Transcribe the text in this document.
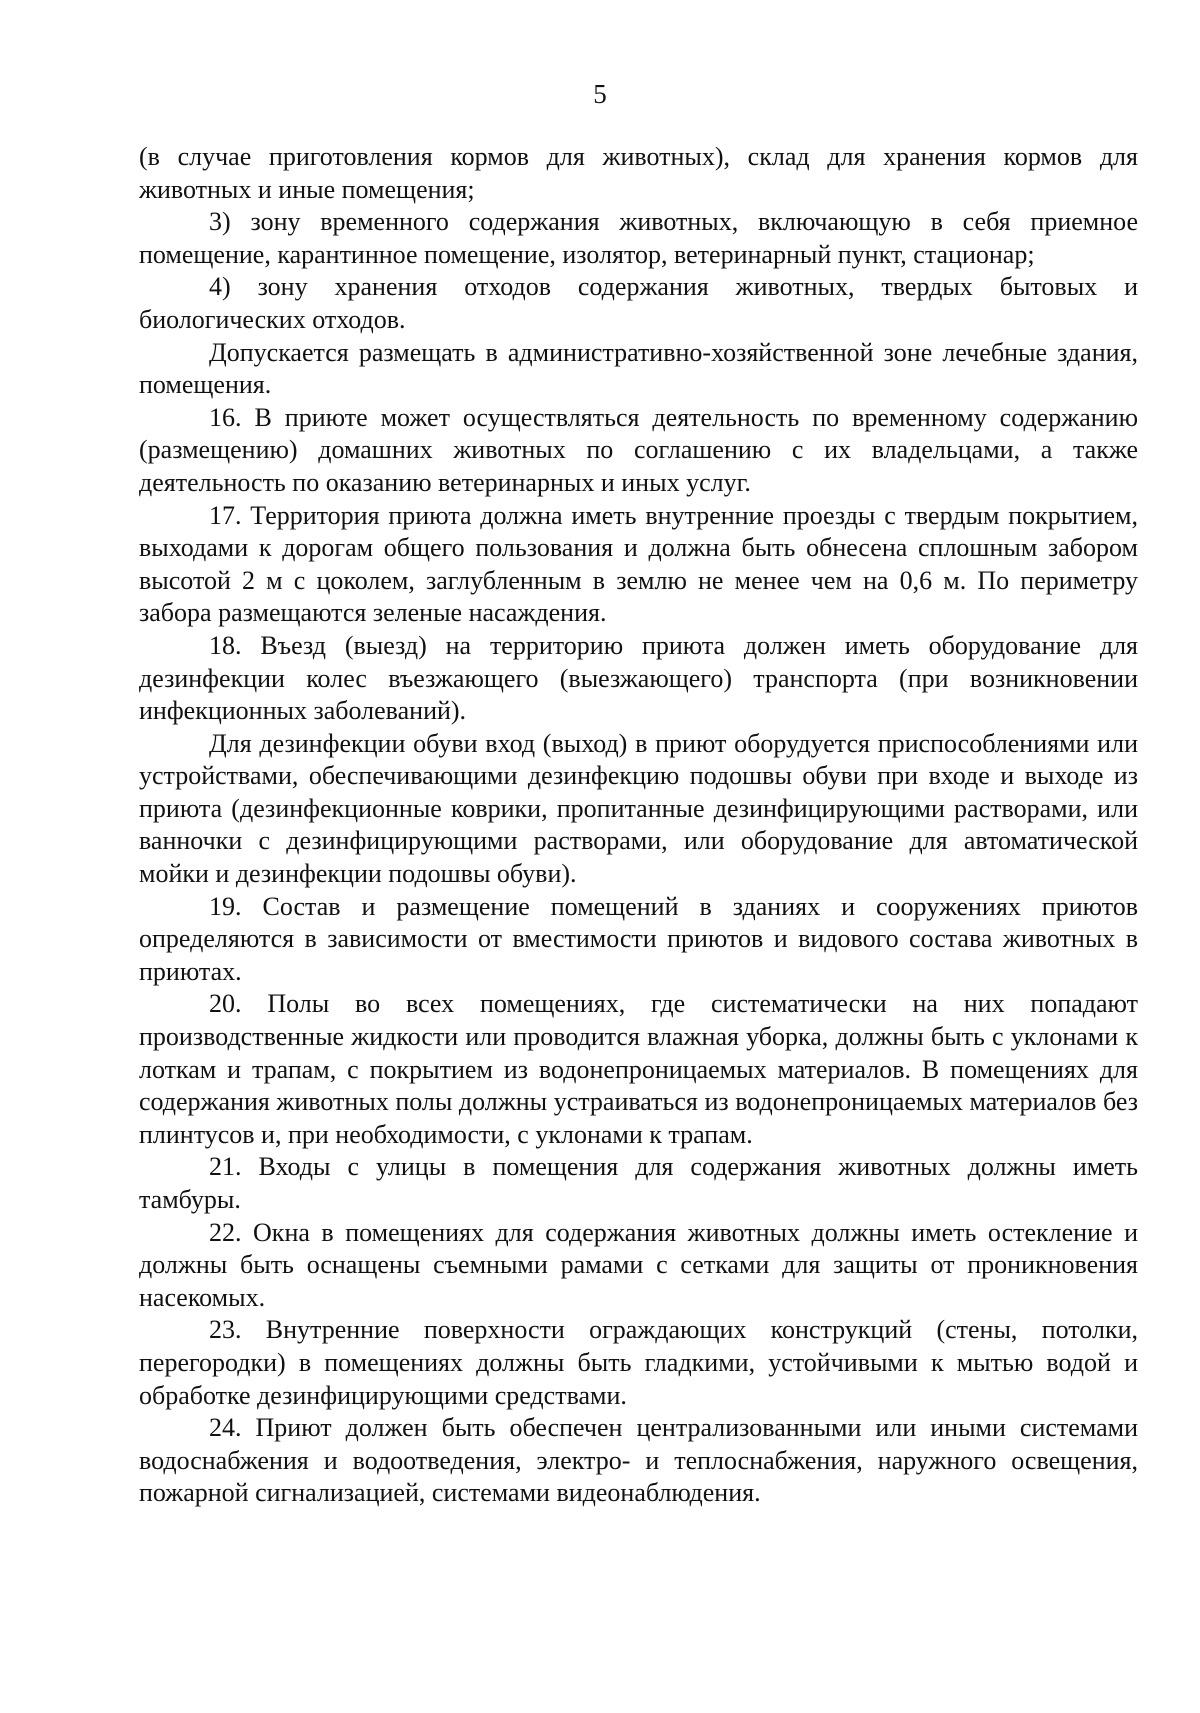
5

(в случае приготовления кормов для животных), склад для хранения кормов для животных и иные помещения;

3) зону временного содержания животных, включающую в себя приемное помещение, карантинное помещение, изолятор, ветеринарный пункт, стационар;

4) зону хранения отходов содержания животных, твердых бытовых и биологических отходов.

Допускается размещать в административно-хозяйственной зоне лечебные здания, помещения.

16. В приюте может осуществляться деятельность по временному содержанию (размещению) домашних животных по соглашению с их владельцами, а также деятельность по оказанию ветеринарных и иных услуг.

17. Территория приюта должна иметь внутренние проезды с твердым покрытием, выходами к дорогам общего пользования и должна быть обнесена сплошным забором высотой 2 м с цоколем, заглубленным в землю не менее чем на 0,6 м. По периметру забора размещаются зеленые насаждения.

18. Въезд (выезд) на территорию приюта должен иметь оборудование для дезинфекции колес въезжающего (выезжающего) транспорта (при возникновении инфекционных заболеваний).

Для дезинфекции обуви вход (выход) в приют оборудуется приспособлениями или устройствами, обеспечивающими дезинфекцию подошвы обуви при входе и выходе из приюта (дезинфекционные коврики, пропитанные дезинфицирующими растворами, или ванночки с дезинфицирующими растворами, или оборудование для автоматической мойки и дезинфекции подошвы обуви).

19. Состав и размещение помещений в зданиях и сооружениях приютов определяются в зависимости от вместимости приютов и видового состава животных в приютах.

20. Полы во всех помещениях, где систематически на них попадают производственные жидкости или проводится влажная уборка, должны быть с уклонами к лоткам и трапам, с покрытием из водонепроницаемых материалов. В помещениях для содержания животных полы должны устраиваться из водонепроницаемых материалов без плинтусов и, при необходимости, с уклонами к трапам.

21. Входы с улицы в помещения для содержания животных должны иметь тамбуры.

22. Окна в помещениях для содержания животных должны иметь остекление и должны быть оснащены съемными рамами с сетками для защиты от проникновения насекомых.

23. Внутренние поверхности ограждающих конструкций (стены, потолки, перегородки) в помещениях должны быть гладкими, устойчивыми к мытью водой и обработке дезинфицирующими средствами.

24. Приют должен быть обеспечен централизованными или иными системами водоснабжения и водоотведения, электро- и теплоснабжения, наружного освещения, пожарной сигнализацией, системами видеонаблюдения.
